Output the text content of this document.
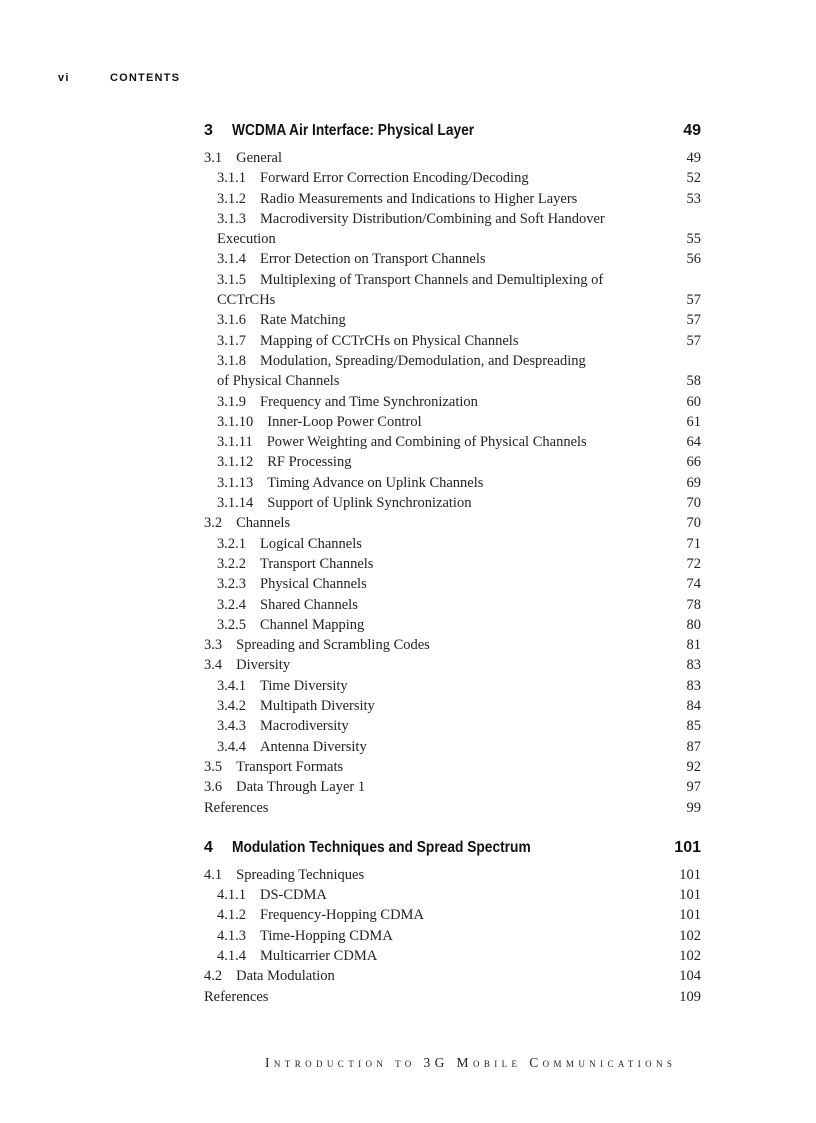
vi	CONTENTS
3 WCDMA Air Interface: Physical Layer	49
3.1 General	49
3.1.1 Forward Error Correction Encoding/Decoding	52
3.1.2 Radio Measurements and Indications to Higher Layers	53
3.1.3 Macrodiversity Distribution/Combining and Soft Handover
Execution	55
3.1.4 Error Detection on Transport Channels	56
3.1.5 Multiplexing of Transport Channels and Demultiplexing of
CCTrCHs	57
3.1.6 Rate Matching	57
3.1.7 Mapping of CCTrCHs on Physical Channels	57
3.1.8 Modulation, Spreading/Demodulation, and Despreading
of Physical Channels	58
3.1.9 Frequency and Time Synchronization	60
3.1.10 Inner-Loop Power Control	61
3.1.11 Power Weighting and Combining of Physical Channels	64
3.1.12 RF Processing	66
3.1.13 Timing Advance on Uplink Channels	69
3.1.14 Support of Uplink Synchronization	70
3.2 Channels	70
3.2.1 Logical Channels	71
3.2.2 Transport Channels	72
3.2.3 Physical Channels	74
3.2.4 Shared Channels	78
3.2.5 Channel Mapping	80
3.3 Spreading and Scrambling Codes	81
3.4 Diversity	83
3.4.1 Time Diversity	83
3.4.2 Multipath Diversity	84
3.4.3 Macrodiversity	85
3.4.4 Antenna Diversity	87
3.5 Transport Formats	92
3.6 Data Through Layer 1	97
References	99
4 Modulation Techniques and Spread Spectrum	101
4.1 Spreading Techniques	101
4.1.1 DS-CDMA	101
4.1.2 Frequency-Hopping CDMA	101
4.1.3 Time-Hopping CDMA	102
4.1.4 Multicarrier CDMA	102
4.2 Data Modulation	104
References	109
Introduction to 3G Mobile Communications
